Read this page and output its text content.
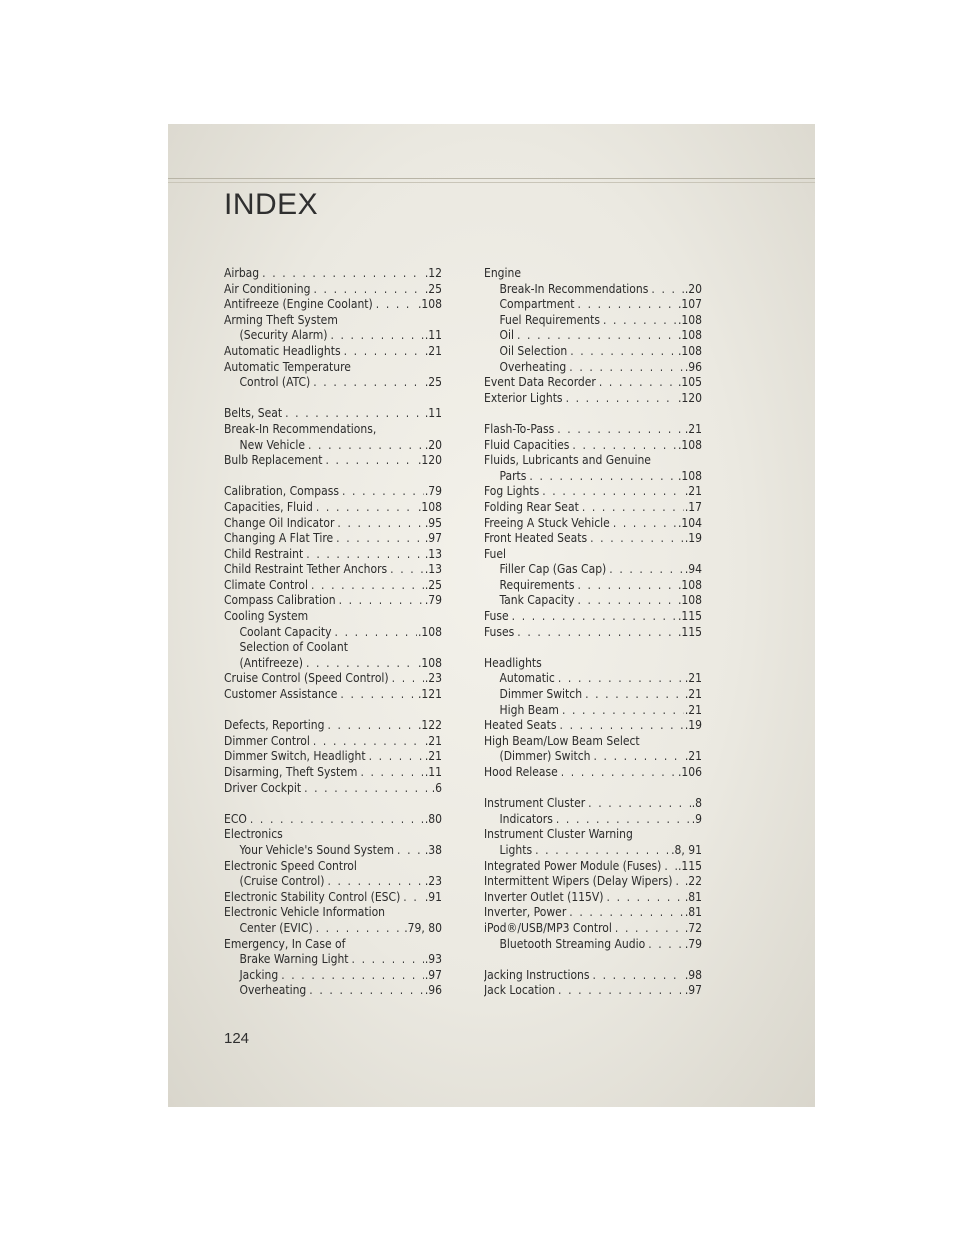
INDEX
Airbag . . .	.12
Air Conditioning . . .	.25
Antifreeze (Engine Coolant) . . .	.108
Arming Theft System
(Security Alarm) . . .	.11
Automatic Headlights . . .	.21
Automatic Temperature
Control (ATC) . . .	.25
Belts, Seat . . .	.11
Break-In Recommendations,
New Vehicle . . .	.20
Bulb Replacement . . .	.120
Calibration, Compass . . .	.79
Capacities, Fluid . . .	.108
Change Oil Indicator . . .	.95
Changing A Flat Tire . . .	.97
Child Restraint . . .	.13
Child Restraint Tether Anchors . . .	.13
Climate Control . . .	.25
Compass Calibration . . .	.79
Cooling System
Coolant Capacity . . .	.108
Selection of Coolant
(Antifreeze) . . .	.108
Cruise Control (Speed Control) . . .	.23
Customer Assistance . . .	.121
Defects, Reporting . . .	.122
Dimmer Control . . .	.21
Dimmer Switch, Headlight . . .	.21
Disarming, Theft System . . .	.11
Driver Cockpit . . .	.6
ECO . . .	.80
Electronics
Your Vehicle's Sound System . . .	.38
Electronic Speed Control
(Cruise Control) . . .	.23
Electronic Stability Control (ESC) . . . .91
Electronic Vehicle Information
Center (EVIC) . . .	.79, 80
Emergency, In Case of
Brake Warning Light . . .	.93
Jacking . . .	.97
Overheating . . .	.96
Engine
Break-In Recommendations . . .	.20
Compartment . . .	.107
Fuel Requirements . . .	.108
Oil . . .	.108
Oil Selection . . .	.108
Overheating . . .	.96
Event Data Recorder . . .	.105
Exterior Lights . . .	.120
Flash-To-Pass . . .	.21
Fluid Capacities . . .	.108
Fluids, Lubricants and Genuine
Parts . . .	.108
Fog Lights . . .	.21
Folding Rear Seat . . .	.17
Freeing A Stuck Vehicle . . .	.104
Front Heated Seats . . .	.19
Fuel
Filler Cap (Gas Cap) . . .	.94
Requirements . . .	.108
Tank Capacity . . .	.108
Fuse . . .	.115
Fuses . . .	.115
Headlights
Automatic . . .	.21
Dimmer Switch . . .	.21
High Beam . . .	.21
Heated Seats . . .	.19
High Beam/Low Beam Select
(Dimmer) Switch . . .	.21
Hood Release . . .	.106
Instrument Cluster . . .	.8
Indicators . . .	.9
Instrument Cluster Warning
Lights . . .	.8, 91
Integrated Power Module (Fuses) . . . .115
Intermittent Wipers (Delay Wipers) . . . .22
Inverter Outlet (115V) . . .	.81
Inverter, Power . . .	.81
iPod®/USB/MP3 Control . . .	.72
Bluetooth Streaming Audio . . .	.79
Jacking Instructions . . .	.98
Jack Location . . .	.97
124
